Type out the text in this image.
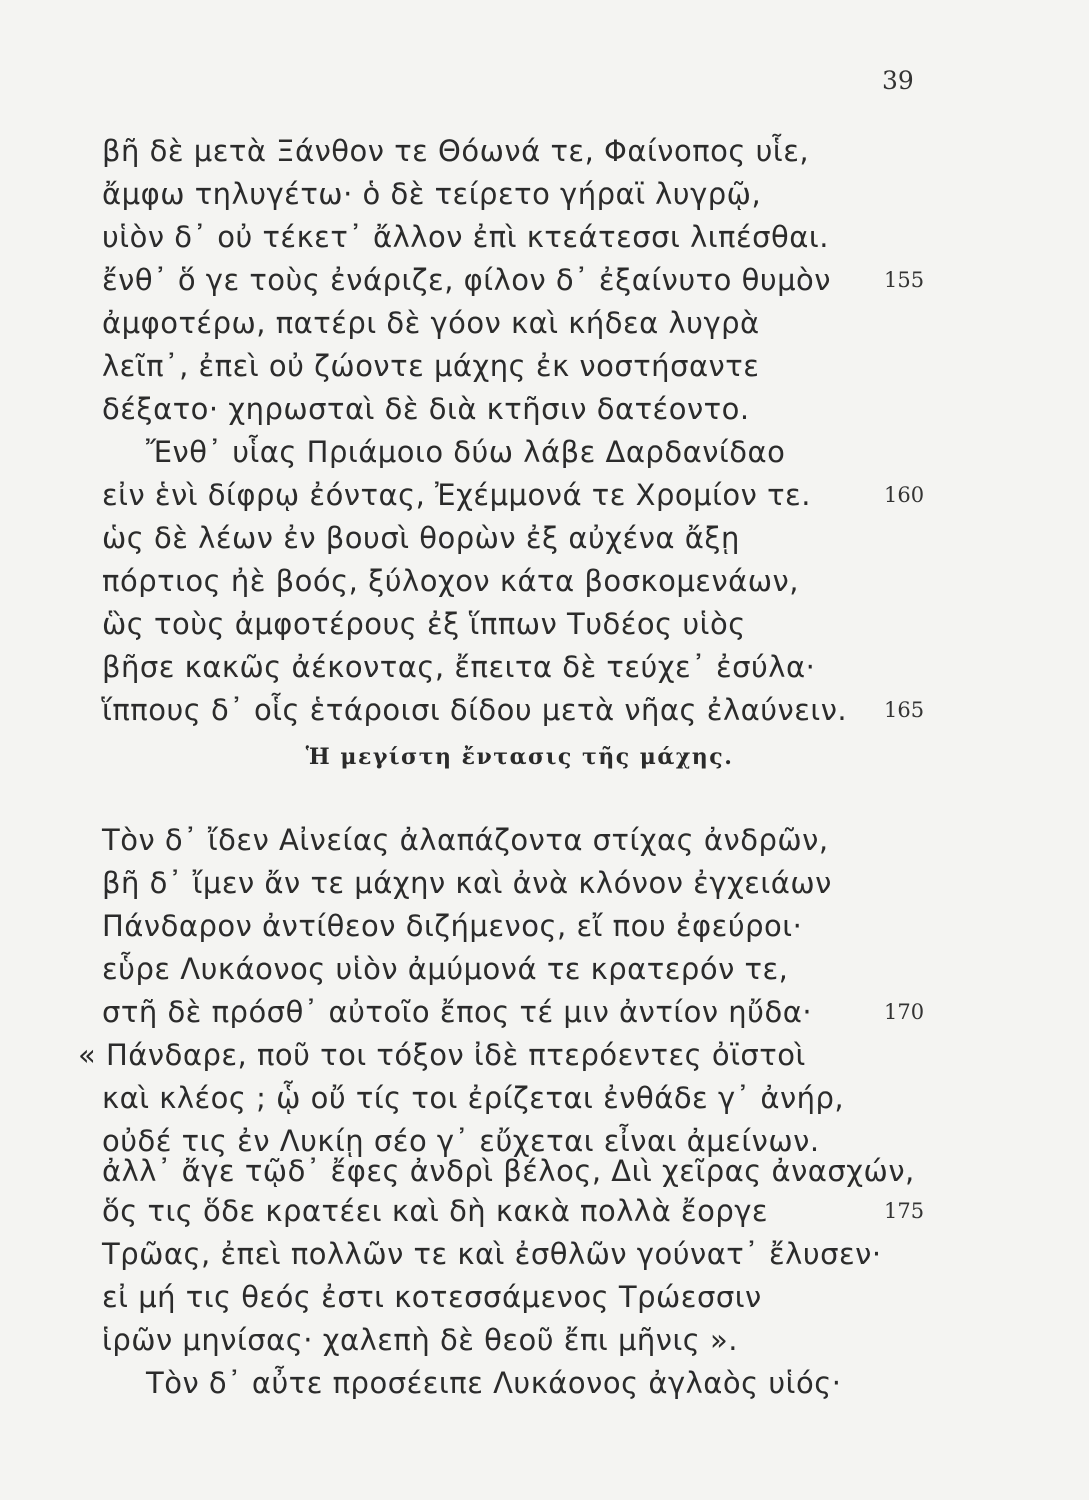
39
βῆ δὲ μετὰ Ξάνθον τε Θόωνά τε, Φαίνοπος υἷε,
ἄμφω τηλυγέτω· ὁ δὲ τείρετο γήραϊ λυγρῷ,
υἱὸν δ᾿ οὐ τέκετ᾿ ἄλλον ἐπὶ κτεάτεσσι λιπέσθαι.
ἔνθ᾿ ὅ γε τοὺς ἐνάριζε, φίλον δ᾿ ἐξαίνυτο θυμὸν	155
ἀμφοτέρω, πατέρι δὲ γόον καὶ κήδεα λυγρὰ
λεῖπ᾿, ἐπεὶ οὐ ζώοντε μάχης ἐκ νοστήσαντε
δέξατο· χηρωσταὶ δὲ διὰ κτῆσιν δατέοντο.
Ἔνθ᾿ υἷας Πριάμοιο δύω λάβε Δαρδανίδαο
εἰν ἑνὶ δίφρῳ ἐόντας, Ἐχέμμονά τε Χρομίον τε.	160
ὡς δὲ λέων ἐν βουσὶ θορὼν ἐξ αὐχένα ἄξῃ
πόρτιος ἠὲ βοός, ξύλοχον κάτα βοσκομενάων,
ὣς τοὺς ἀμφοτέρους ἐξ ἵππων Τυδέος υἱὸς
βῆσε κακῶς ἀέκοντας, ἔπειτα δὲ τεύχε᾿ ἐσύλα·
ἵππους δ᾿ οἷς ἑτάροισι δίδου μετὰ νῆας ἐλαύνειν. 165
Ἡ μεγίστη ἔντασις τῆς μάχης.
Τὸν δ᾿ ἴδεν Αἰνείας ἀλαπάζοντα στίχας ἀνδρῶν,
βῆ δ᾿ ἴμεν ἄν τε μάχην καὶ ἀνὰ κλόνον ἐγχειάων
Πάνδαρον ἀντίθεον διζήμενος, εἴ που ἐφεύροι·
εὗρε Λυκάονος υἱὸν ἀμύμονά τε κρατερόν τε,
στῆ δὲ πρόσθ᾿ αὐτοῖο ἔπος τέ μιν ἀντίον ηὔδα·	170
« Πάνδαρε, ποῦ τοι τόξον ἰδὲ πτερόεντες ὀϊστοὶ
καὶ κλέος ; ᾧ οὔ τίς τοι ἐρίζεται ἐνθάδε γ᾿ ἀνήρ,
οὐδέ τις ἐν Λυκίῃ σέο γ᾿ εὔχεται εἶναι ἀμείνων.
ἀλλ᾿ ἄγε τῷδ᾿ ἔφες ἀνδρὶ βέλος, Διὶ χεῖρας ἀνασχών,
ὅς τις ὅδε κρατέει καὶ δὴ κακὰ πολλὰ ἔοργε	175
Τρῶας, ἐπεὶ πολλῶν τε καὶ ἐσθλῶν γούνατ᾿ ἔλυσεν·
εἰ μή τις θεός ἐστι κοτεσσάμενος Τρώεσσιν
ἱρῶν μηνίσας· χαλεπὴ δὲ θεοῦ ἔπι μῆνις ».
Τὸν δ᾿ αὖτε προσέειπε Λυκάονος ἀγλαὸς υἱός·
